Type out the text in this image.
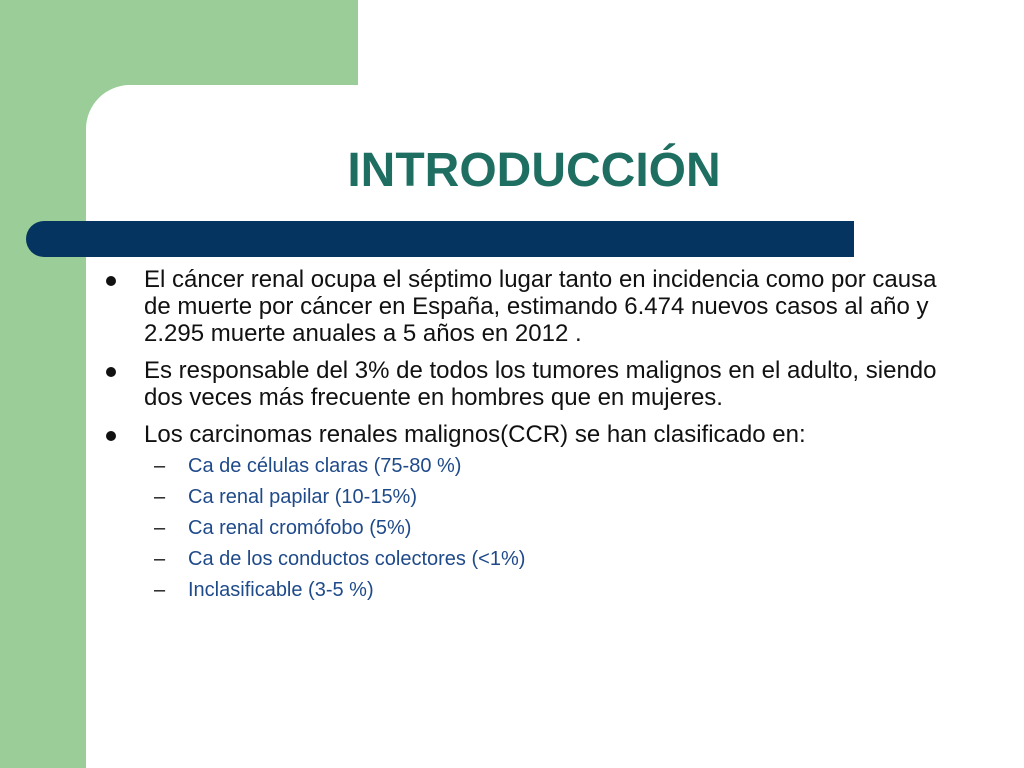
INTRODUCCIÓN
El cáncer renal ocupa el séptimo lugar tanto en incidencia como por causa de muerte por cáncer en España, estimando 6.474 nuevos casos al año y 2.295 muerte anuales a 5 años en 2012 .
Es responsable del 3% de todos los tumores malignos en el adulto, siendo dos veces más frecuente en hombres que en mujeres.
Los carcinomas renales malignos(CCR) se han clasificado en:
– Ca de células claras (75-80 %)
– Ca renal papilar (10-15%)
– Ca renal cromófobo (5%)
– Ca de los conductos colectores (<1%)
– Inclasificable (3-5 %)
